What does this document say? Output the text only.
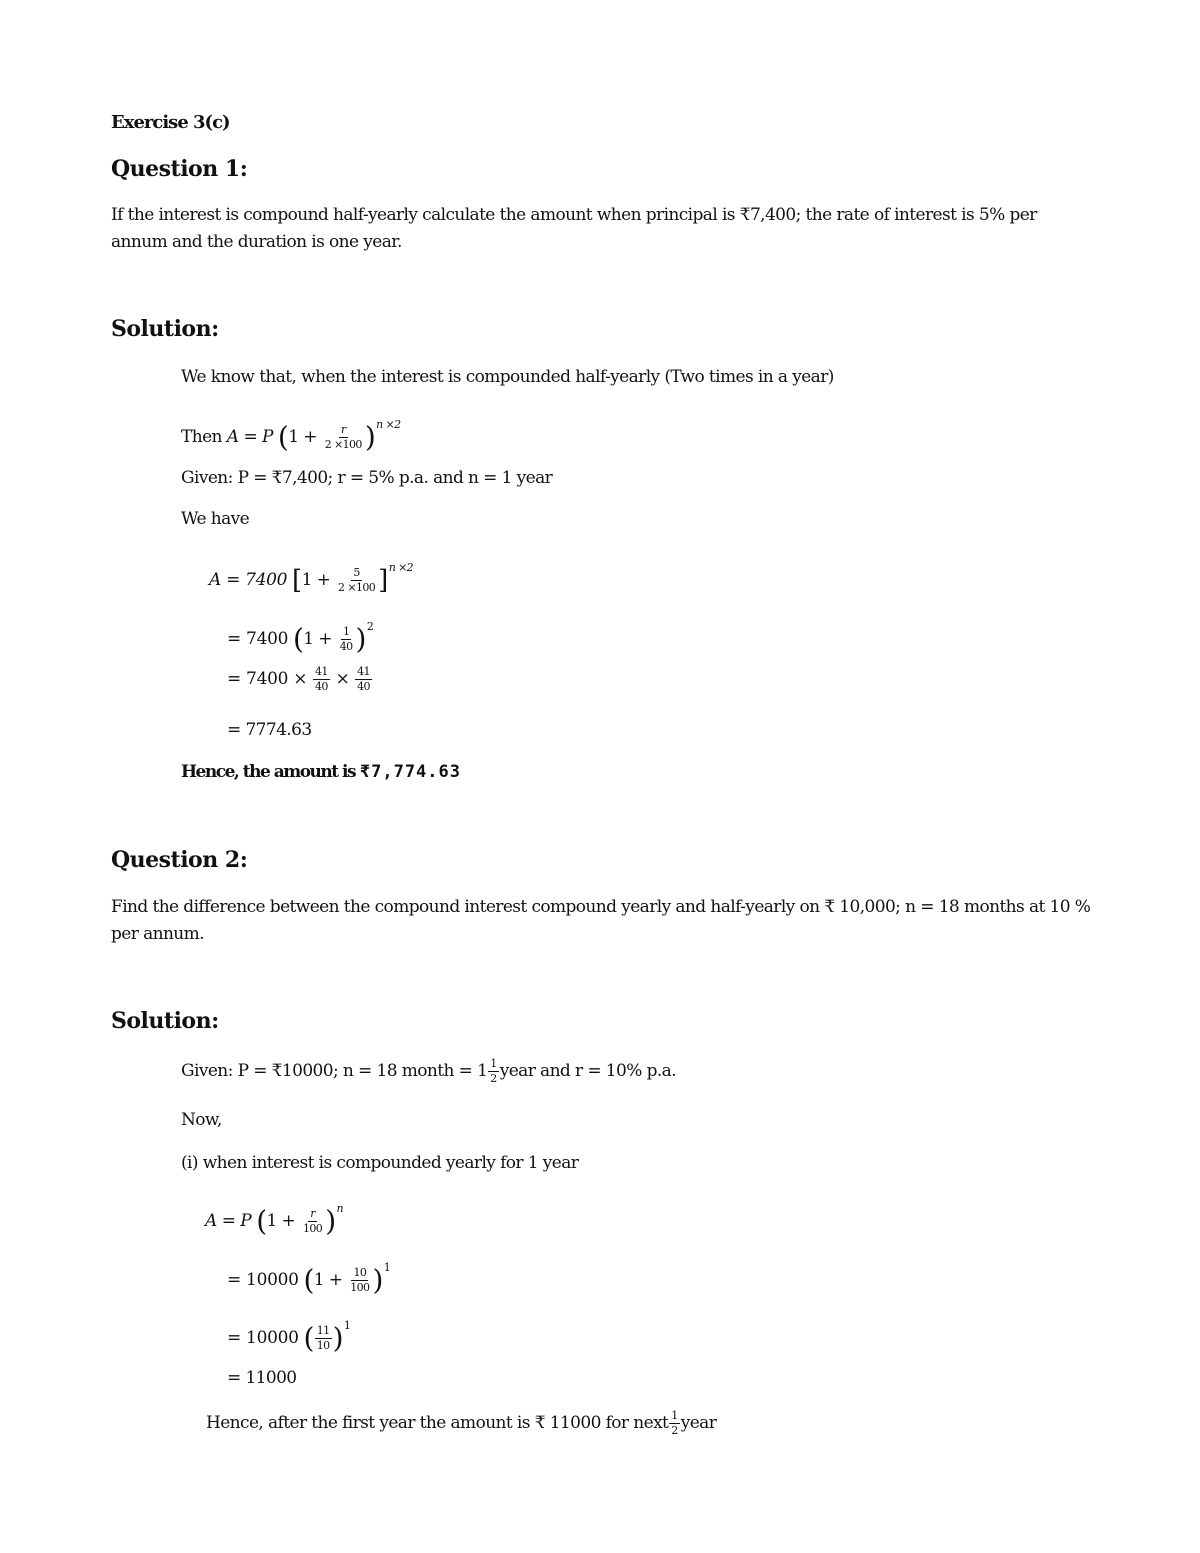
Exercise 3(c)
Question 1:
If the interest is compound half-yearly calculate the amount when principal is ₹7,400; the rate of interest is 5% per annum and the duration is one year.
Solution:
We know that, when the interest is compounded half-yearly (Two times in a year)
Then A = P $(1 + \frac{r}{2 \times 100} )^{n \times 2}$
Given: P = ₹7,400; r = 5% p.a. and n = 1 year
We have
A = 7400 $[1 + \frac{5}{2 \times 100} ]^{n \times 2}$
= 7400 $(1 + \frac{1}{40} )^2$
= $7400 \times \frac{41}{40} \times \frac{41}{40}$
= 7774.63
Hence, the amount is ₹7,774.63
Question 2:
Find the difference between the compound interest compound yearly and half-yearly on ₹ 10,000; n = 18 months at 10 % per annum.
Solution:
Given: P = ₹10000; n = 18 month = $1 \frac{1}{2}$ year and r = 10% p.a.
Now,
(i) when interest is compounded yearly for 1 year
A = P $(1 + \frac{r}{100} )^n$
= 10000 $(1 + \frac{10}{100} )^1$
= 10000 ( $\frac{11}{10} )^1$
= 11000
Hence, after the first year the amount is ₹ 11000 for next $\frac{1}{2}$ year
